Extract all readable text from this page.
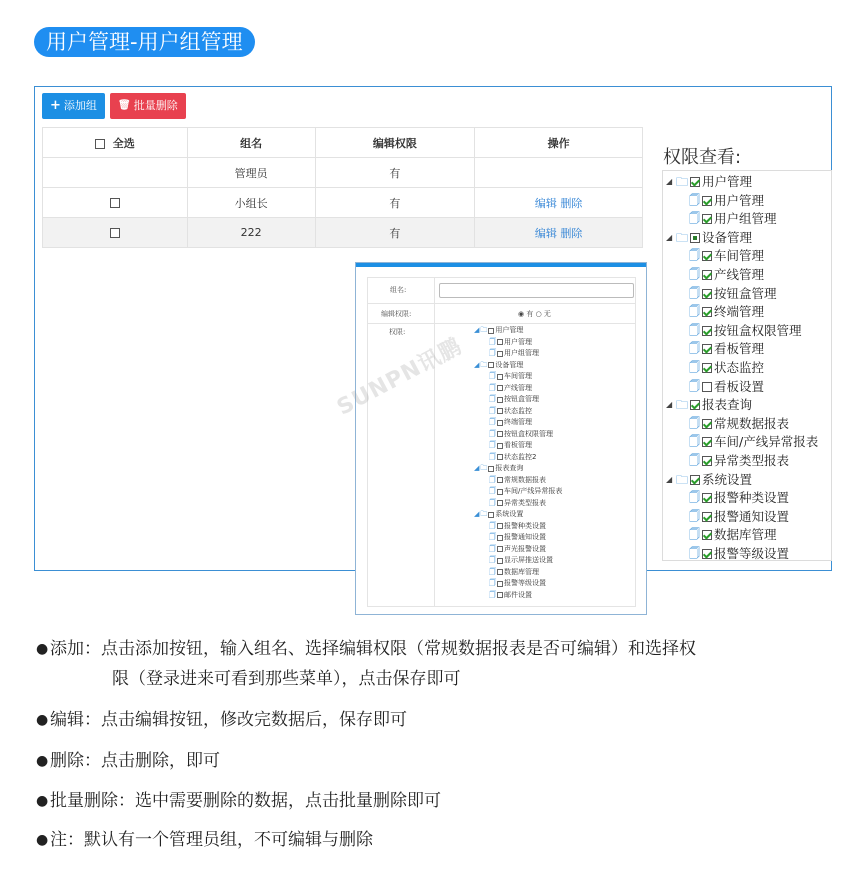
用户管理-用户组管理
+ 添加组 🗑 批量删除
全选	组名	编辑权限	操作
	管理员	有	
	小组长	有	编辑 删除
	222	有	编辑 删除
权限查看:
◢ 🗀 用户管理
🗍 用户管理
🗍 用户组管理
◢ 🗀 设备管理
🗍 车间管理
🗍 产线管理
🗍 按钮盒管理
🗍 终端管理
🗍 按钮盒权限管理
🗍 看板管理
🗍 状态监控
🗍 看板设置
◢ 🗀 报表查询
🗍 常规数据报表
🗍 车间/产线异常报表
🗍 异常类型报表
◢ 🗀 系统设置
🗍 报警种类设置
🗍 报警通知设置
🗍 数据库管理
🗍 报警等级设置
组名:
编辑权限:	◉ 有 ○ 无
权限:	◢ 🗀 用户管理
🗍 用户管理
🗍 用户组管理
◢ 🗀 设备管理
🗍 车间管理
🗍 产线管理
🗍 按钮盒管理
🗍 状态监控
🗍 终端管理
🗍 按钮盒权限管理
🗍 看板管理
🗍 状态监控2
◢ 🗀 报表查询
🗍 常规数据报表
🗍 车间/产线异常报表
🗍 异常类型报表
◢ 🗀 系统设置
🗍 报警种类设置
🗍 报警通知设置
🗍 声光报警设置
🗍 显示屏推送设置
🗍 数据库管理
🗍 报警等级设置
🗍 邮件设置
SUNPN讯鹏
● 添加：点击添加按钮，输入组名、选择编辑权限（常规数据报表是否可编辑）和选择权
限（登录进来可看到那些菜单），点击保存即可
● 编辑：点击编辑按钮，修改完数据后，保存即可
● 删除：点击删除，即可
● 批量删除：选中需要删除的数据，点击批量删除即可
● 注：默认有一个管理员组，不可编辑与删除
